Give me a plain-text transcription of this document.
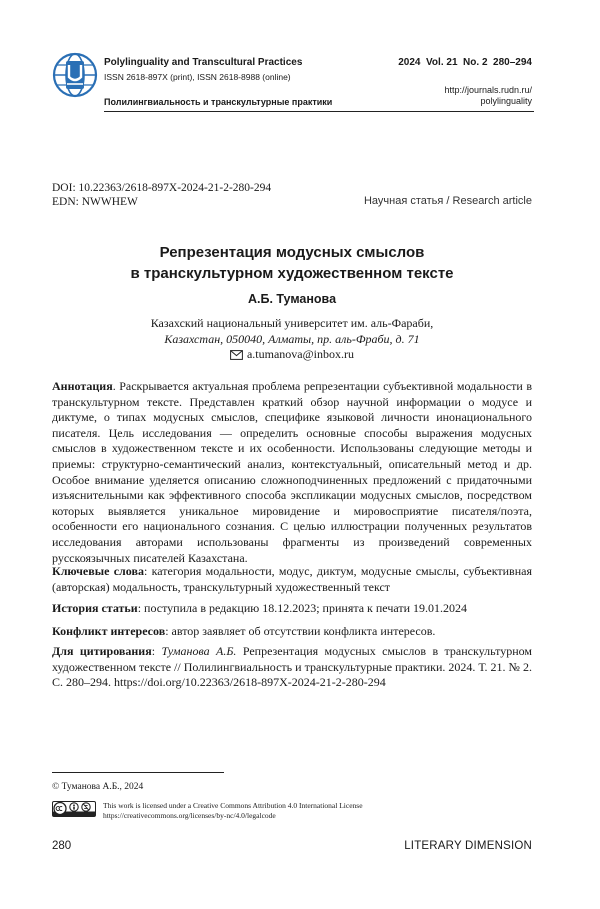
Polylinguality and Transcultural Practices
ISSN 2618-897X (print), ISSN 2618-8988 (online)
2024  Vol. 21  No. 2  280–294
http://journals.rudn.ru/
polylinguality
Полилингвиальность и транскультурные практики
DOI: 10.22363/2618-897X-2024-21-2-280-294
EDN: NWWHEW	Научная статья / Research article
Репрезентация модусных смыслов
в транскультурном художественном тексте
А.Б. Туманова
Казахский национальный университет им. аль-Фараби,
Казахстан, 050040, Алматы, пр. аль-Фраби, д. 71
a.tumanova@inbox.ru
Аннотация. Раскрывается актуальная проблема репрезентации субъективной модальности в транскультурном тексте. Представлен краткий обзор научной информации о модусе и диктуме, о типах модусных смыслов, специфике языковой личности инонационального писателя. Цель исследования — определить основные способы выражения модусных смыслов в художественном тексте и их особенности. Использованы следующие методы и приемы: структурно-семантический анализ, контекстуальный, описательный метод и др. Особое внимание уделяется описанию сложноподчиненных предложений с придаточными изъяснительными как эффективного способа экспликации модусных смыслов, посредством которых выявляется уникальное мировидение и мировосприятие писателя/поэта, особенности его национального сознания. С целью иллюстрации полученных результатов исследования авторами использованы фрагменты из произведений современных русскоязычных писателей Казахстана.
Ключевые слова: категория модальности, модус, диктум, модусные смыслы, субъективная (авторская) модальность, транскультурный художественный текст
История статьи: поступила в редакцию 18.12.2023; принята к печати 19.01.2024
Конфликт интересов: автор заявляет об отсутствии конфликта интересов.
Для цитирования: Туманова А.Б. Репрезентация модусных смыслов в транскультурном художественном тексте // Полилингвиальность и транскультурные практики. 2024. Т. 21. № 2. С. 280–294. https://doi.org/10.22363/2618-897X-2024-21-2-280-294
© Туманова А.Б., 2024
This work is licensed under a Creative Commons Attribution 4.0 International License
https://creativecommons.org/licenses/by-nc/4.0/legalcode
280	LITERARY DIMENSION
